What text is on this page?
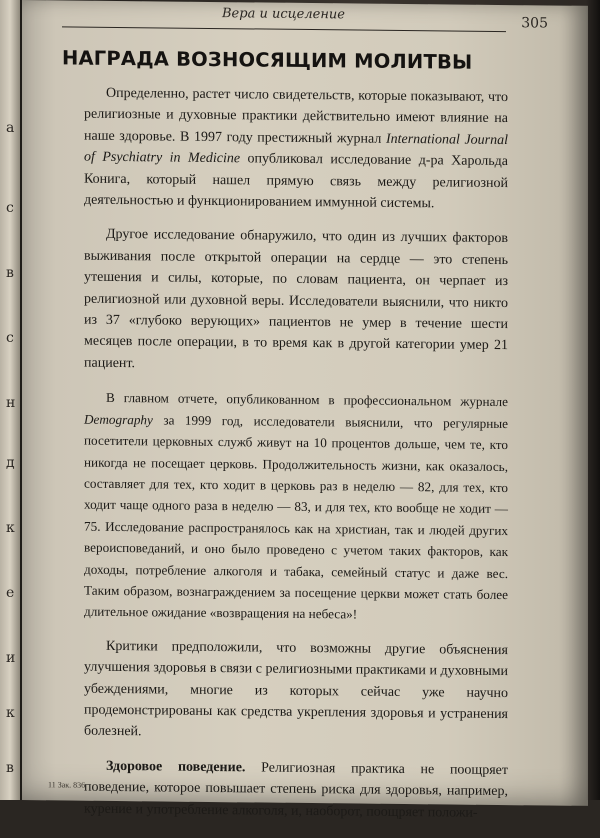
а
с
в
с
н
д
к
е
и
к
в
Вера и исцеление
305
НАГРАДА ВОЗНОСЯЩИМ МОЛИТВЫ

Определенно, растет число свидетельств, которые показывают, что религиозные и духовные практики действительно имеют влияние на наше здоровье. В 1997 году престижный журнал International Journal of Psychiatry in Medicine опубликовал исследование д-ра Харольда Конига, который нашел прямую связь между религиозной деятельностью и функционированием иммунной системы.

Другое исследование обнаружило, что один из лучших факторов выживания после открытой операции на сердце — это степень утешения и силы, которые, по словам пациента, он черпает из религиозной или духовной веры. Исследователи выяснили, что никто из 37 «глубоко верующих» пациентов не умер в течение шести месяцев после операции, в то время как в другой категории умер 21 пациент.

В главном отчете, опубликованном в профессиональном журнале Demography за 1999 год, исследователи выяснили, что регулярные посетители церковных служб живут на 10 процентов дольше, чем те, кто никогда не посещает церковь. Продолжительность жизни, как оказалось, составляет для тех, кто ходит в церковь раз в неделю — 82, для тех, кто ходит чаще одного раза в неделю — 83, и для тех, кто вообще не ходит — 75. Исследование распространялось как на христиан, так и людей других вероисповеданий, и оно было проведено с учетом таких факторов, как доходы, потребление алкоголя и табака, семейный статус и даже вес. Таким образом, вознаграждением за посещение церкви может стать более длительное ожидание «возвращения на небеса»!

Критики предположили, что возможны другие объяснения улучшения здоровья в связи с религиозными практиками и духовными убеждениями, многие из которых сейчас уже научно продемонстрированы как средства укрепления здоровья и устранения болезней.

Здоровое поведение. Религиозная практика не поощряет поведение, которое повышает степень риска для здоровья, например, курение и употребление алкоголя, и, наоборот, поощряет положи-

11 Зак. 836
